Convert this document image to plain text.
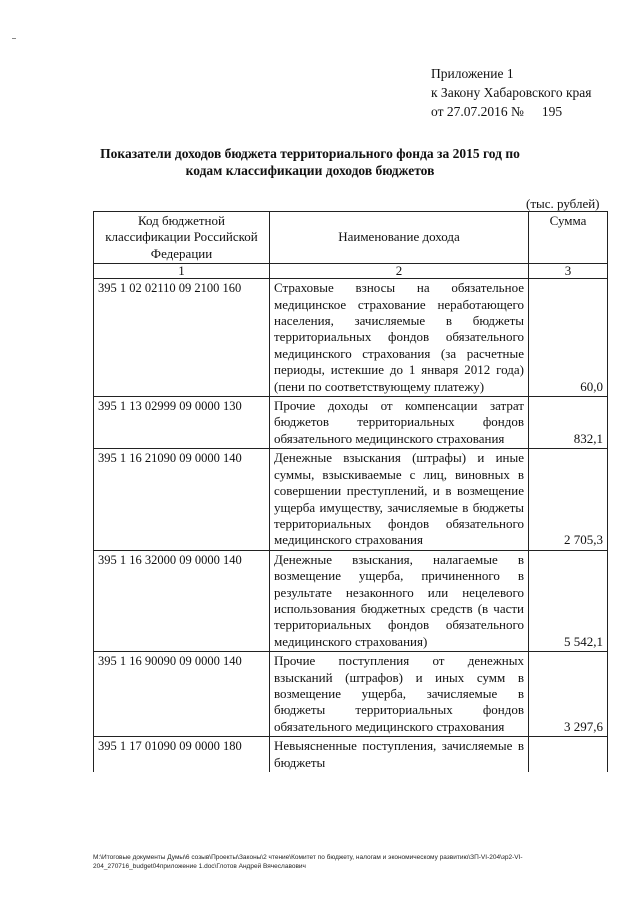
Приложение 1
к Закону Хабаровского края
от 27.07.2016 № 195
Показатели доходов бюджета территориального фонда за 2015 год по кодам классификации доходов бюджетов
(тыс. рублей)
Код бюджетной классификации Российской Федерации	Наименование дохода	Сумма
1	2	3
395 1 02 02110 09 2100 160	Страховые взносы на обязательное медицинское страхование неработающего населения, зачисляемые в бюджеты территориальных фондов обязательного медицинского страхования (за расчетные периоды, истекшие до 1 января 2012 года) (пени по соответствующему платежу)	60,0
395 1 13 02999 09 0000 130	Прочие доходы от компенсации затрат бюджетов территориальных фондов обязательного медицинского страхования	832,1
395 1 16 21090 09 0000 140	Денежные взыскания (штрафы) и иные суммы, взыскиваемые с лиц, виновных в совершении преступлений, и в возмещение ущерба имуществу, зачисляемые в бюджеты территориальных фондов обязательного медицинского страхования	2 705,3
395 1 16 32000 09 0000 140	Денежные взыскания, налагаемые в возмещение ущерба, причиненного в результате незаконного или нецелевого использования бюджетных средств (в части территориальных фондов обязательного медицинского страхования)	5 542,1
395 1 16 90090 09 0000 140	Прочие поступления от денежных взысканий (штрафов) и иных сумм в возмещение ущерба, зачисляемые в бюджеты территориальных фондов обязательного медицинского страхования	3 297,6
395 1 17 01090 09 0000 180	Невыясненные поступления, зачисляемые в бюджеты	
M:\Итоговые документы Думы\6 созыв\Проекты\Законы\2 чтение\Комитет по бюджету, налогам и экономическому развитию\ЗП-VI-204\зр2-VI-204_270716_budget04приложение 1.doc\Глотов Андрей Вячеславович
